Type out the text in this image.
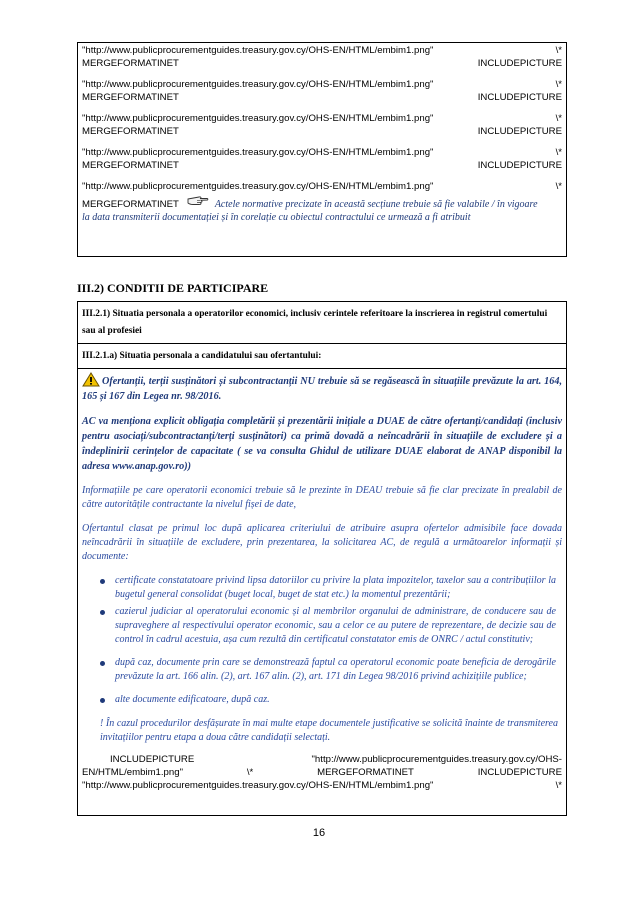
"http://www.publicprocurementguides.treasury.gov.cy/OHS-EN/HTML/embim1.png"	\*
MERGEFORMATINET	INCLUDEPICTURE
"http://www.publicprocurementguides.treasury.gov.cy/OHS-EN/HTML/embim1.png"	\*
MERGEFORMATINET	INCLUDEPICTURE
"http://www.publicprocurementguides.treasury.gov.cy/OHS-EN/HTML/embim1.png"	\*
MERGEFORMATINET	INCLUDEPICTURE
"http://www.publicprocurementguides.treasury.gov.cy/OHS-EN/HTML/embim1.png"	\*
MERGEFORMATINET	INCLUDEPICTURE
"http://www.publicprocurementguides.treasury.gov.cy/OHS-EN/HTML/embim1.png"	\*
MERGEFORMATINET	Actele normative precizate în această secțiune trebuie să fie valabile / în vigoare
la data transmiterii documentației și în corelație cu obiectul contractului ce urmează a fi atribuit
III.2) CONDITII DE PARTICIPARE
III.2.1) Situatia personala a operatorilor economici, inclusiv cerintele referitoare la inscrierea in registrul comertului
sau al profesiei
III.2.1.a) Situatia personala a candidatului sau ofertantului:
Ofertanții, terții susținători și subcontractanții NU trebuie să se regăsească în situațiile prevăzute la art. 164, 165 și 167 din Legea nr. 98/2016.
AC va menționa explicit obligația completării și prezentării inițiale a DUAE de către ofertanți/candidați (inclusiv pentru asociați/subcontractanți/terți susținători) ca primă dovadă a neîncadrării în situațiile de excludere și a îndeplinirii cerințelor de capacitate ( se va consulta Ghidul de utilizare DUAE elaborat de ANAP disponibil la adresa www.anap.gov.ro))
Informațiile pe care operatorii economici trebuie să le prezinte în DEAU trebuie să fie clar precizate în prealabil de către autoritățile contractante la nivelul fișei de date,
Ofertantul clasat pe primul loc după aplicarea criteriului de atribuire asupra ofertelor admisibile face dovada neîncadrării în situațiile de excludere, prin prezentarea, la solicitarea AC, de regulă a următoarelor informații și documente:
certificate constatatoare privind lipsa datoriilor cu privire la plata impozitelor, taxelor sau a contribuțiilor la bugetul general consolidat (buget local, buget de stat etc.) la momentul prezentării;
cazierul judiciar al operatorului economic și al membrilor organului de administrare, de conducere sau de supraveghere al respectivului operator economic, sau a celor ce au putere de reprezentare, de decizie sau de control în cadrul acestuia, așa cum rezultă din certificatul constatator emis de ONRC / actul constitutiv;
după caz, documente prin care se demonstrează faptul ca operatorul economic poate beneficia de derogările prevăzute la art. 166 alin. (2), art. 167 alin. (2), art. 171 din Legea 98/2016 privind achizițiile publice;
alte documente edificatoare, după caz.
! În cazul procedurilor desfășurate în mai multe etape documentele justificative se solicită înainte de transmiterea invitațiilor pentru etapa a doua către candidații selectați.
INCLUDEPICTURE	"http://www.publicprocurementguides.treasury.gov.cy/OHS-
EN/HTML/embim1.png"	\*	MERGEFORMATINET	INCLUDEPICTURE
"http://www.publicprocurementguides.treasury.gov.cy/OHS-EN/HTML/embim1.png"	\*
16
